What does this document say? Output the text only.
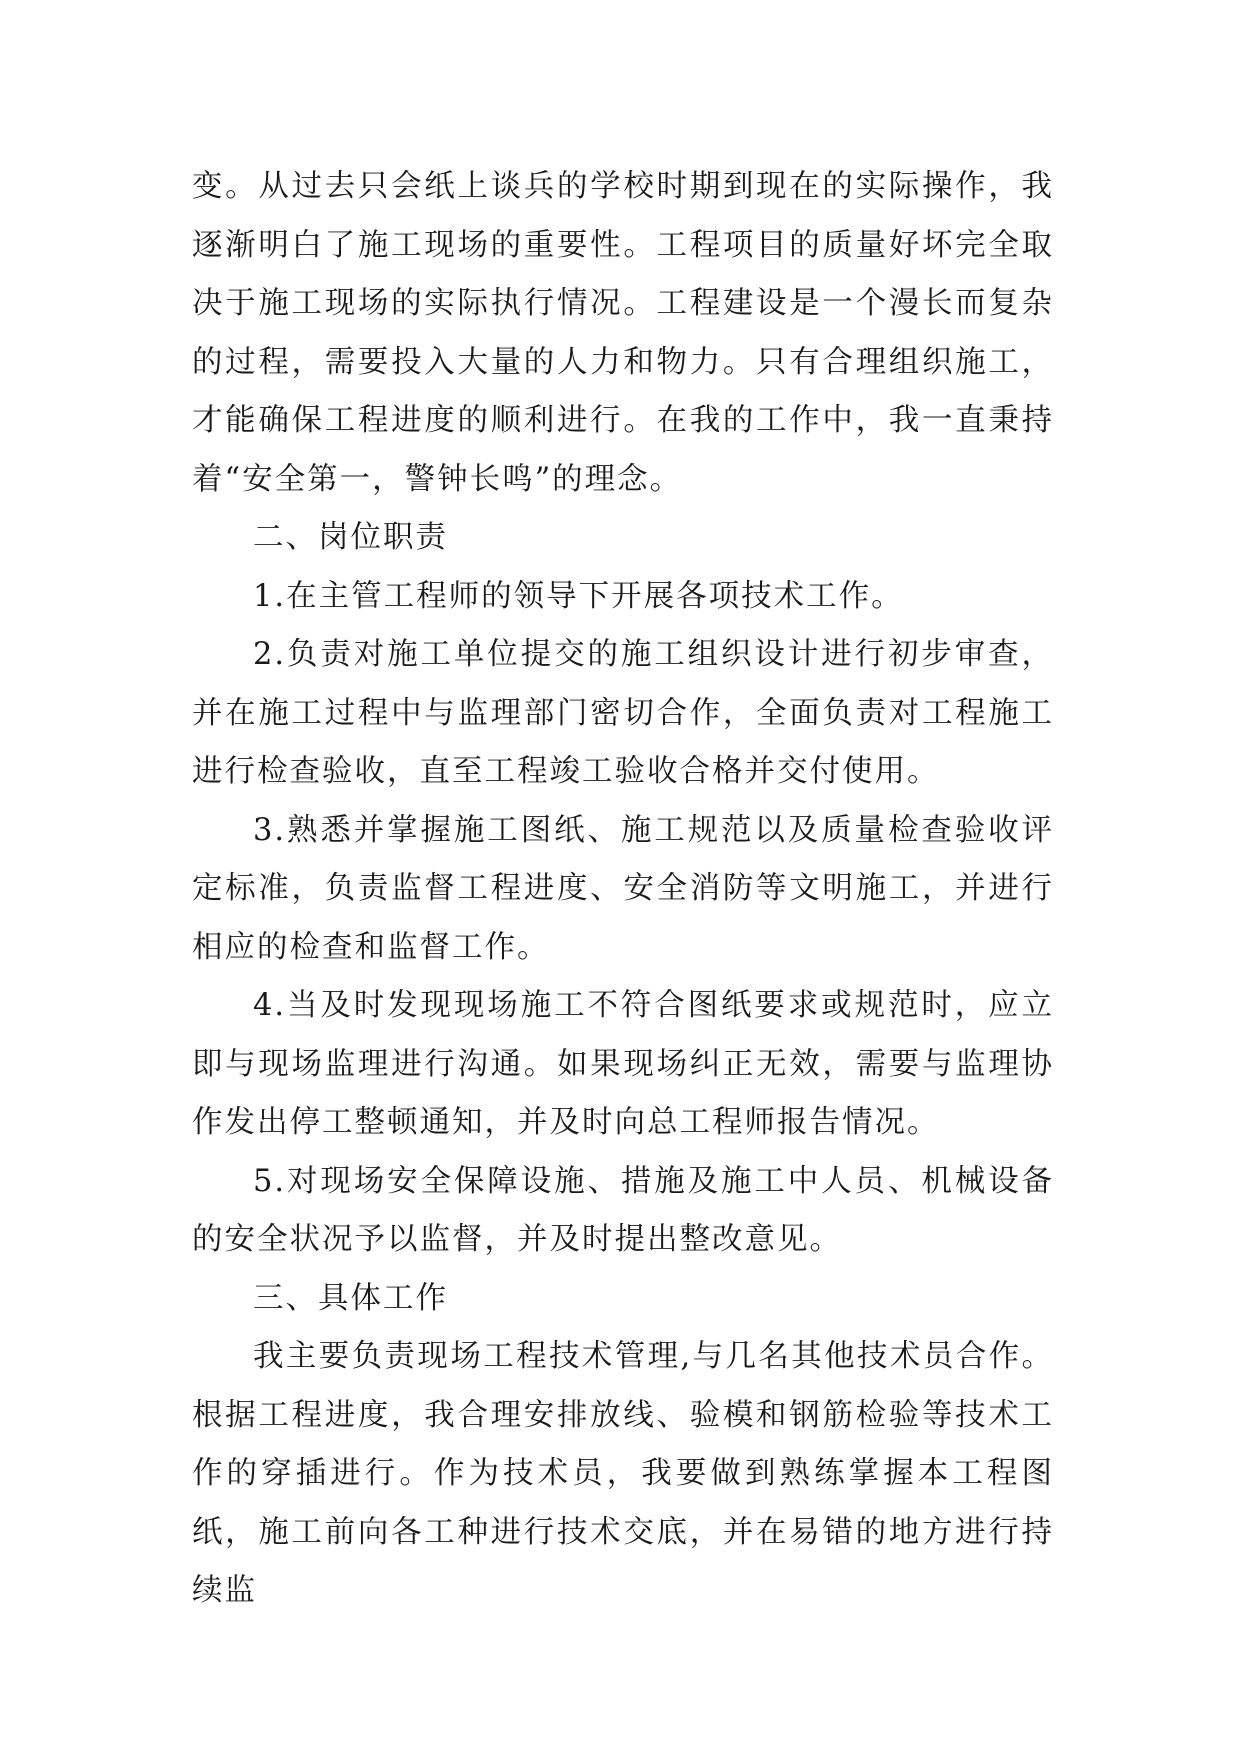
变。从过去只会纸上谈兵的学校时期到现在的实际操作，我逐渐明白了施工现场的重要性。工程项目的质量好坏完全取决于施工现场的实际执行情况。工程建设是一个漫长而复杂的过程，需要投入大量的人力和物力。只有合理组织施工，才能确保工程进度的顺利进行。在我的工作中，我一直秉持着“安全第一，警钟长鸣”的理念。

二、岗位职责

1.在主管工程师的领导下开展各项技术工作。

2.负责对施工单位提交的施工组织设计进行初步审查，并在施工过程中与监理部门密切合作，全面负责对工程施工进行检查验收，直至工程竣工验收合格并交付使用。

3.熟悉并掌握施工图纸、施工规范以及质量检查验收评定标准，负责监督工程进度、安全消防等文明施工，并进行相应的检查和监督工作。

4.当及时发现现场施工不符合图纸要求或规范时，应立即与现场监理进行沟通。如果现场纠正无效，需要与监理协作发出停工整顿通知，并及时向总工程师报告情况。

5.对现场安全保障设施、措施及施工中人员、机械设备的安全状况予以监督，并及时提出整改意见。

三、具体工作

我主要负责现场工程技术管理,与几名其他技术员合作。根据工程进度，我合理安排放线、验模和钢筋检验等技术工作的穿插进行。作为技术员，我要做到熟练掌握本工程图纸，施工前向各工种进行技术交底，并在易错的地方进行持续监
